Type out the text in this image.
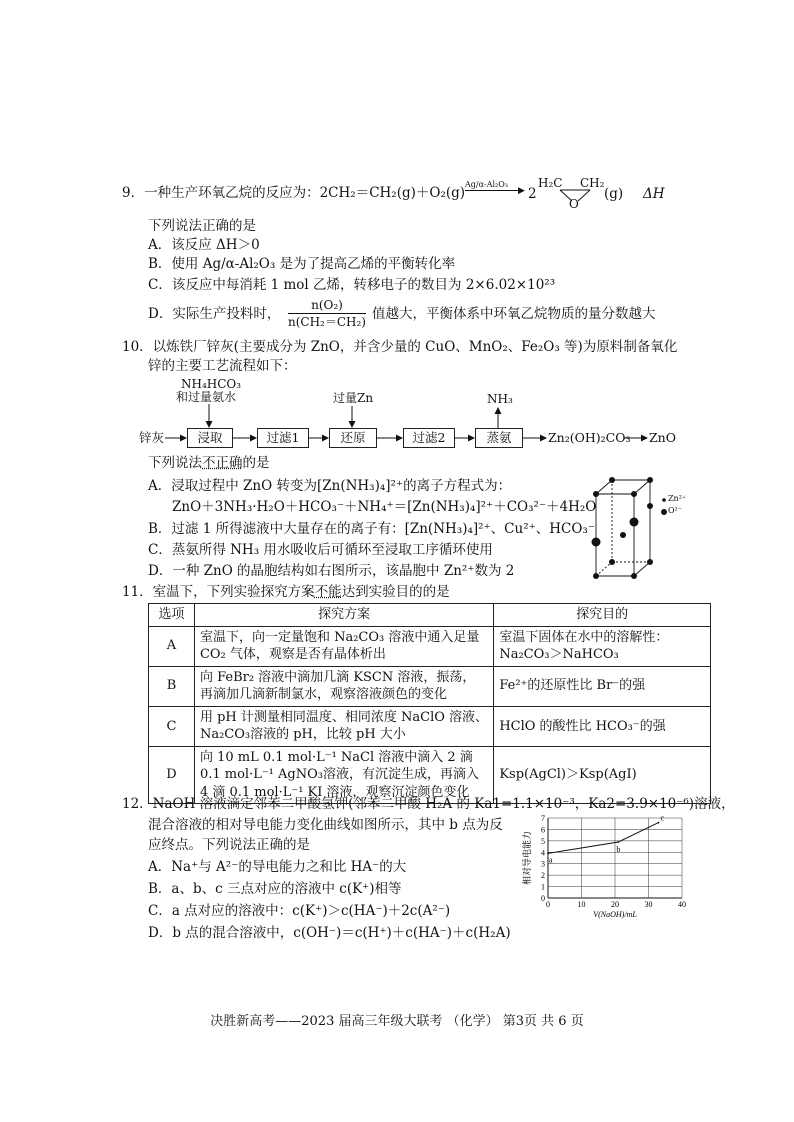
9．一种生产环氧乙烷的反应为：2CH₂＝CH₂(g)＋O₂(g)
Ag/α-Al₂O₃
▶ 2
H₂C CH₂
O
(g) ΔH
下列说法正确的是
A．该反应 ΔH＞0
B．使用 Ag/α-Al₂O₃ 是为了提高乙烯的平衡转化率
C．该反应中每消耗 1 mol 乙烯，转移电子的数目为 2×6.02×10²³
D．实际生产投料时，
n(O₂)
n(CH₂＝CH₂) 值越大，平衡体系中环氧乙烷物质的量分数越大
10．以炼铁厂锌灰(主要成分为 ZnO，并含少量的 CuO、MnO₂、Fe₂O₃ 等)为原料制备氧化
锌的主要工艺流程如下：
NH₄HCO₃
和过量氨水	过量Zn	NH₃
锌灰	浸取	过滤1	还原	过滤2	蒸氨	Zn₂(OH)₂CO₃ ZnO
下列说法不正确的是
A．浸取过程中 ZnO 转变为[Zn(NH₃)₄]²⁺的离子方程式为：
ZnO＋3NH₃·H₂O＋HCO₃⁻＋NH₄⁺＝[Zn(NH₃)₄]²⁺＋CO₃²⁻＋4H₂O
B．过滤 1 所得滤液中大量存在的离子有：[Zn(NH₃)₄]²⁺、Cu²⁺、HCO₃⁻
C．蒸氨所得 NH₃ 用水吸收后可循环至浸取工序循环使用
D．一种 ZnO 的晶胞结构如右图所示，该晶胞中 Zn²⁺数为 2
Zn²⁺
O²⁻
11．室温下，下列实验探究方案不能达到实验目的的是
选项	探究方案	探究目的
A	室温下，向一定量饱和 Na₂CO₃ 溶液中通入足量 CO₂ 气体，观察是否有晶体析出	室温下固体在水中的溶解性：Na₂CO₃＞NaHCO₃
B	向 FeBr₂ 溶液中滴加几滴 KSCN 溶液，振荡，再滴加几滴新制氯水，观察溶液颜色的变化	Fe²⁺的还原性比 Br⁻的强
C	用 pH 计测量相同温度、相同浓度 NaClO 溶液、Na₂CO₃溶液的 pH，比较 pH 大小	HClO 的酸性比 HCO₃⁻的强
D	向 10 mL 0.1 mol·L⁻¹ NaCl 溶液中滴入 2 滴 0.1 mol·L⁻¹ AgNO₃溶液，有沉淀生成，再滴入 4 滴 0.1 mol·L⁻¹ KI 溶液，观察沉淀颜色变化	Ksp(AgCl)＞Ksp(AgI)
12．NaOH 溶液滴定邻苯二甲酸氢钾(邻苯二甲酸 H₂A 的 Ka1=1.1×10⁻³，Ka2=3.9×10⁻⁶)溶液，
混合溶液的相对导电能力变化曲线如图所示，其中 b 点为反
应终点。下列说法正确的是
A．Na⁺与 A²⁻的导电能力之和比 HA⁻的大
B．a、b、c 三点对应的溶液中 c(K⁺)相等
C．a 点对应的溶液中：c(K⁺)＞c(HA⁻)＋2c(A²⁻)
D．b 点的混合溶液中，c(OH⁻)＝c(H⁺)＋c(HA⁻)＋c(H₂A)
0	10	20	30	40
0
1
2
3
4
5
6
7
a
b
c
V(NaOH)/mL
相对导电能力
决胜新高考——2023 届高三年级大联考 （化学） 第3页 共 6 页
